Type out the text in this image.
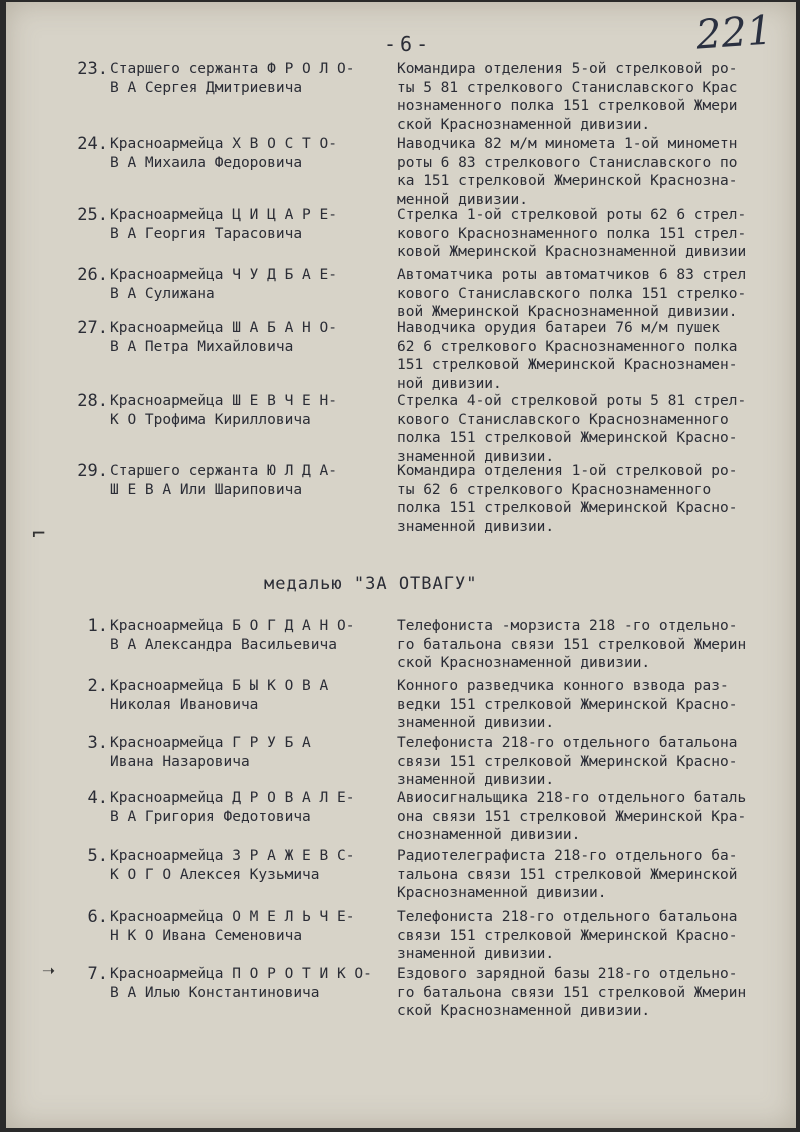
-6-	221
23. Старшего сержанта Ф Р О Л О-
В А Сергея Дмитриевича
Командира отделения 5-ой стрелковой ро-
ты 5 81 стрелкового Станиславского Крас
нознаменного полка 151 стрелковой Жмери
ской Краснознаменной дивизии.
24. Красноармейца Х В О С Т О-
В А Михаила Федоровича
Наводчика 82 м/м миномета 1-ой минометн
роты 6 83 стрелкового Станиславского по
ка 151 стрелковой Жмеринской Краснозна-
менной дивизии.
25. Красноармейца Ц И Ц А Р Е-
В А Георгия Тарасовича
Стрелка 1-ой стрелковой роты 62 6 стрел-
кового Краснознаменного полка 151 стрел-
ковой Жмеринской Краснознаменной дивизии
26. Красноармейца Ч У Д Б А Е-
В А Сулижана
Автоматчика роты автоматчиков 6 83 стрел
кового Станиславского полка 151 стрелко-
вой Жмеринской Краснознаменной дивизии.
27. Красноармейца Ш А Б А Н О-
В А Петра Михайловича
Наводчика орудия батареи 76 м/м пушек
62 6 стрелкового Краснознаменного полка
151 стрелковой Жмеринской Краснознамен-
ной дивизии.
28. Красноармейца Ш Е В Ч Е Н-
К О Трофима Кирилловича
Стрелка 4-ой стрелковой роты 5 81 стрел-
кового Станиславского Краснознаменного
полка 151 стрелковой Жмеринской Красно-
знаменной дивизии.
29. Старшего сержанта Ю Л Д А-
Ш Е В А Или Шариповича
Командира отделения 1-ой стрелковой ро-
ты 62 6 стрелкового Краснознаменного
полка 151 стрелковой Жмеринской Красно-
знаменной дивизии.
медалью "ЗА ОТВАГУ"
1. Красноармейца Б О Г Д А Н О-
В А Александра Васильевича
Телефониста -морзиста 218 -го отдельно-
го батальона связи 151 стрелковой Жмерин
ской Краснознаменной дивизии.
2. Красноармейца Б Ы К О В А
Николая Ивановича
Конного разведчика конного взвода раз-
ведки 151 стрелковой Жмеринской Красно-
знаменной дивизии.
3. Красноармейца Г Р У Б А
Ивана Назаровича
Телефониста 218-го отдельного батальона
связи 151 стрелковой Жмеринской Красно-
знаменной дивизии.
4. Красноармейца Д Р О В А Л Е-
В А Григория Федотовича
Авиосигнальщика 218-го отдельного баталь
она связи 151 стрелковой Жмеринской Кра-
снознаменной дивизии.
5. Красноармейца З Р А Ж Е В С-
К О Г О Алексея Кузьмича
Радиотелеграфиста 218-го отдельного ба-
тальона связи 151 стрелковой Жмеринской
Краснознаменной дивизии.
6. Красноармейца О М Е Л Ь Ч Е-
Н К О Ивана Семеновича
Телефониста 218-го отдельного батальона
связи 151 стрелковой Жмеринской Красно-
знаменной дивизии.
7. Красноармейца П О Р О Т И К О-
В А Илью Константиновича
Ездового зарядной базы 218-го отдельно-
го батальона связи 151 стрелковой Жмерин
ской Краснознаменной дивизии.
⌐
➝
